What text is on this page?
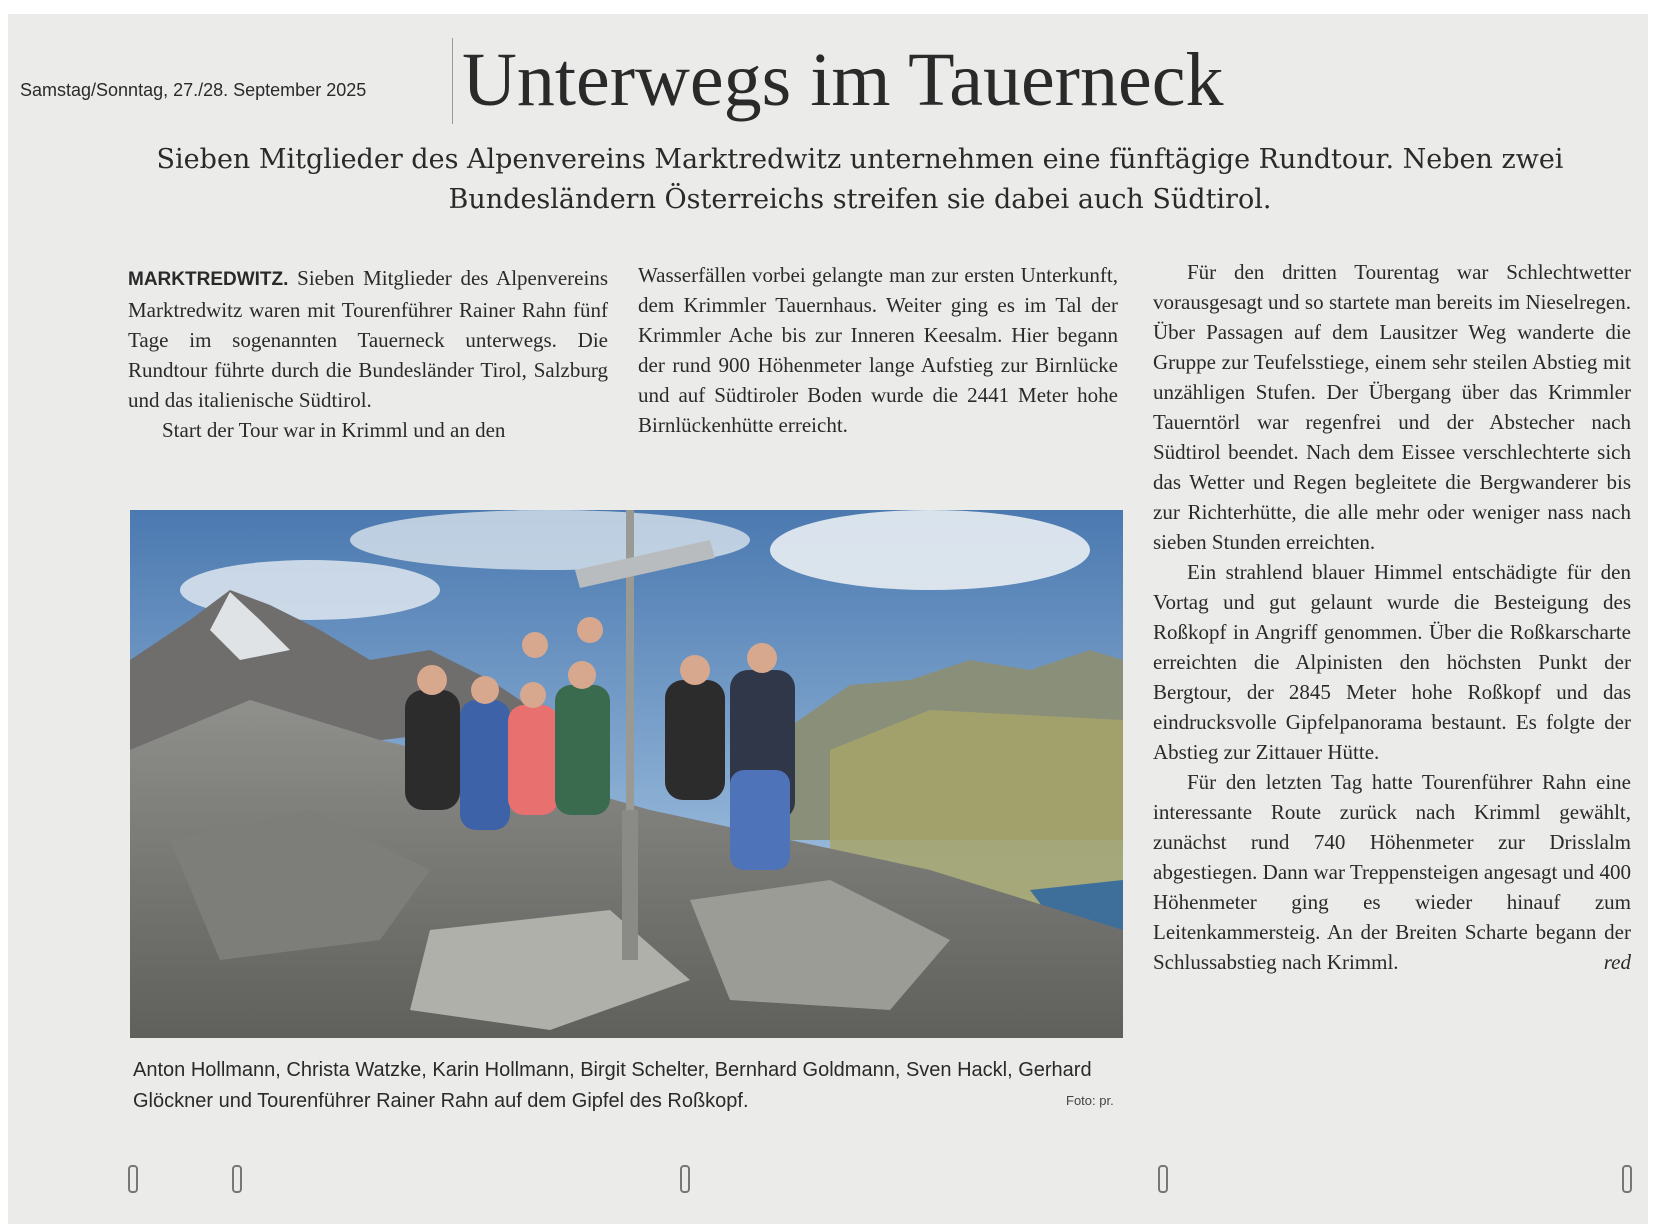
Samstag/Sonntag, 27./28. September 2025 Unterwegs im Tauerneck
Sieben Mitglieder des Alpenvereins Marktredwitz unternehmen eine fünftägige Rundtour. Neben zwei Bundesländern Österreichs streifen sie dabei auch Südtirol.

MARKTREDWITZ. Sieben Mitglieder des Alpenvereins Marktredwitz waren mit Tourenführer Rainer Rahn fünf Tage im sogenannten Tauerneck unterwegs. Die Rundtour führte durch die Bundesländer Tirol, Salzburg und das italienische Südtirol.

Start der Tour war in Krimml und an den

Wasserfällen vorbei gelangte man zur ersten Unterkunft, dem Krimmler Tauernhaus. Weiter ging es im Tal der Krimmler Ache bis zur Inneren Keesalm. Hier begann der rund 900 Höhenmeter lange Aufstieg zur Birnlücke und auf Südtiroler Boden wurde die 2441 Meter hohe Birnlückenhütte erreicht.

Für den dritten Tourentag war Schlechtwetter vorausgesagt und so startete man bereits im Nieselregen. Über Passagen auf dem Lausitzer Weg wanderte die Gruppe zur Teufelsstiege, einem sehr steilen Abstieg mit unzähligen Stufen. Der Übergang über das Krimmler Tauerntörl war regenfrei und der Abstecher nach Südtirol beendet. Nach dem Eissee verschlechterte sich das Wetter und Regen begleitete die Bergwanderer bis zur Richterhütte, die alle mehr oder weniger nass nach sieben Stunden erreichten.

Ein strahlend blauer Himmel entschädigte für den Vortag und gut gelaunt wurde die Besteigung des Roßkopf in Angriff genommen. Über die Roßkarscharte erreichten die Alpinisten den höchsten Punkt der Bergtour, der 2845 Meter hohe Roßkopf und das eindrucksvolle Gipfelpanorama bestaunt. Es folgte der Abstieg zur Zittauer Hütte.

Für den letzten Tag hatte Tourenführer Rahn eine interessante Route zurück nach Krimml gewählt, zunächst rund 740 Höhenmeter zur Drisslalm abgestiegen. Dann war Treppensteigen angesagt und 400 Höhenmeter ging es wieder hinauf zum Leitenkammersteig. An der Breiten Scharte begann der Schlussabstieg nach Krimml.	red

Anton Hollmann, Christa Watzke, Karin Hollmann, Birgit Schelter, Bernhard Goldmann, Sven Hackl, Gerhard Glöckner und Tourenführer Rainer Rahn auf dem Gipfel des Roßkopf.	Foto: pr.
